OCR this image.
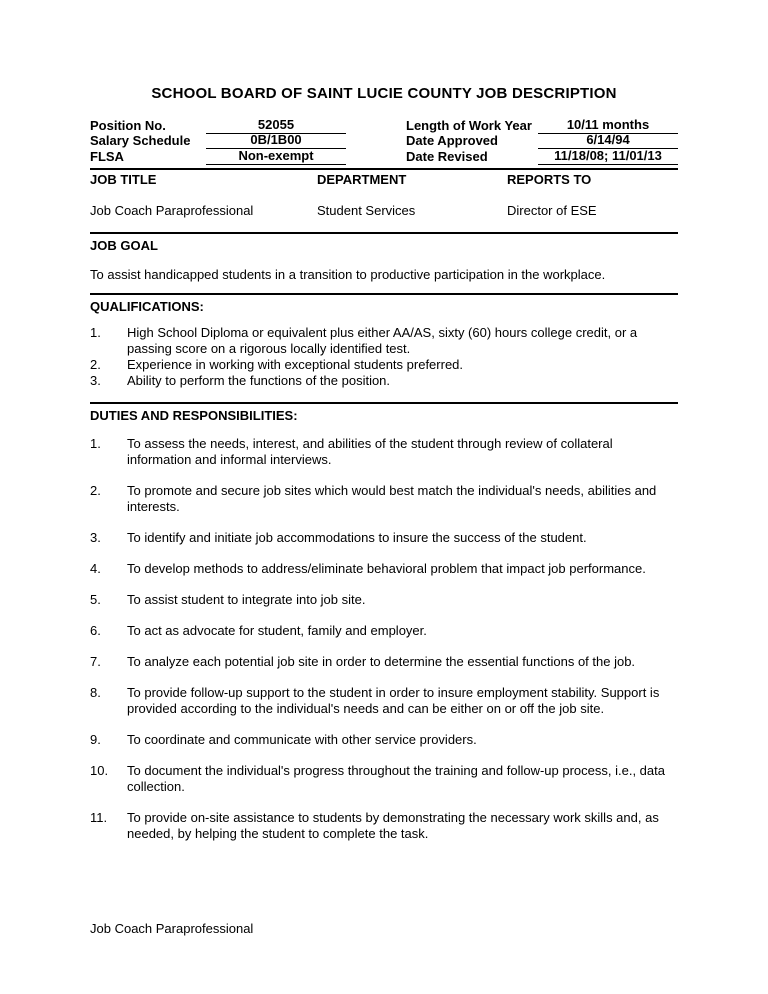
SCHOOL BOARD OF SAINT LUCIE COUNTY JOB DESCRIPTION
Position No.	52055
Salary Schedule	0B/1B00
FLSA	Non-exempt
Length of Work Year	10/11 months
Date Approved	6/14/94
Date Revised	11/18/08; 11/01/13
JOB TITLE	DEPARTMENT	REPORTS TO
Job Coach Paraprofessional	Student Services	Director of ESE
JOB GOAL
To assist handicapped students in a transition to productive participation in the workplace.
QUALIFICATIONS:
1.	High School Diploma or equivalent plus either AA/AS, sixty (60) hours college credit, or a passing score on a rigorous locally identified test.
2.	Experience in working with exceptional students preferred.
3.	Ability to perform the functions of the position.
DUTIES AND RESPONSIBILITIES:
1.	To assess the needs, interest, and abilities of the student through review of collateral information and informal interviews.
2.	To promote and secure job sites which would best match the individual's needs, abilities and interests.
3.	To identify and initiate job accommodations to insure the success of the student.
4.	To develop methods to address/eliminate behavioral problem that impact job performance.
5.	To assist student to integrate into job site.
6.	To act as advocate for student, family and employer.
7.	To analyze each potential job site in order to determine the essential functions of the job.
8.	To provide follow-up support to the student in order to insure employment stability. Support is provided according to the individual's needs and can be either on or off the job site.
9.	To coordinate and communicate with other service providers.
10.	To document the individual's progress throughout the training and follow-up process, i.e., data collection.
11.	To provide on-site assistance to students by demonstrating the necessary work skills and, as needed, by helping the student to complete the task.
Job Coach Paraprofessional
